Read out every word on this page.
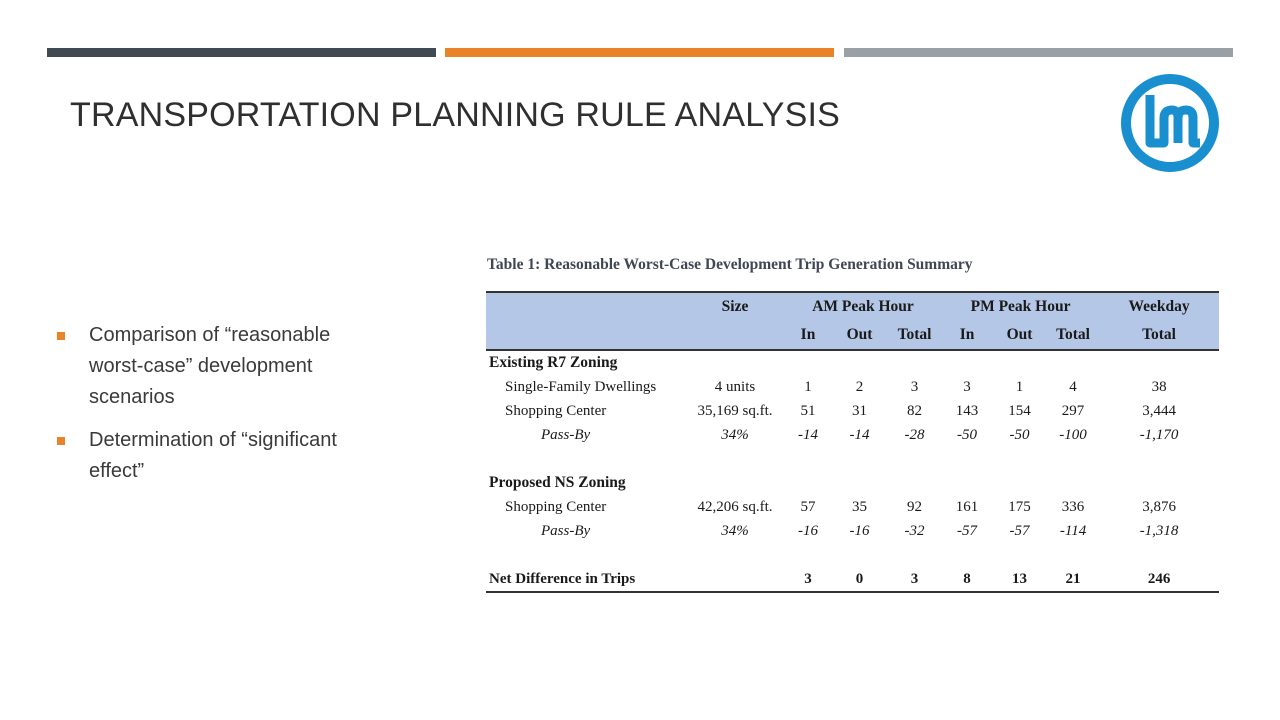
TRANSPORTATION PLANNING RULE ANALYSIS
Comparison of “reasonable worst-case” development scenarios
Determination of “significant effect”
Table 1: Reasonable Worst-Case Development Trip Generation Summary
	Size	AM Peak Hour			PM Peak Hour			Weekday
		In	Out	Total	In	Out	Total	Total
Existing R7 Zoning								
Single-Family Dwellings	4 units	1	2	3	3	1	4	38
Shopping Center	35,169 sq.ft.	51	31	82	143	154	297	3,444
Pass-By	34%	-14	-14	-28	-50	-50	-100	-1,170

Proposed NS Zoning								
Shopping Center	42,206 sq.ft.	57	35	92	161	175	336	3,876
Pass-By	34%	-16	-16	-32	-57	-57	-114	-1,318

Net Difference in Trips		3	0	3	8	13	21	246
